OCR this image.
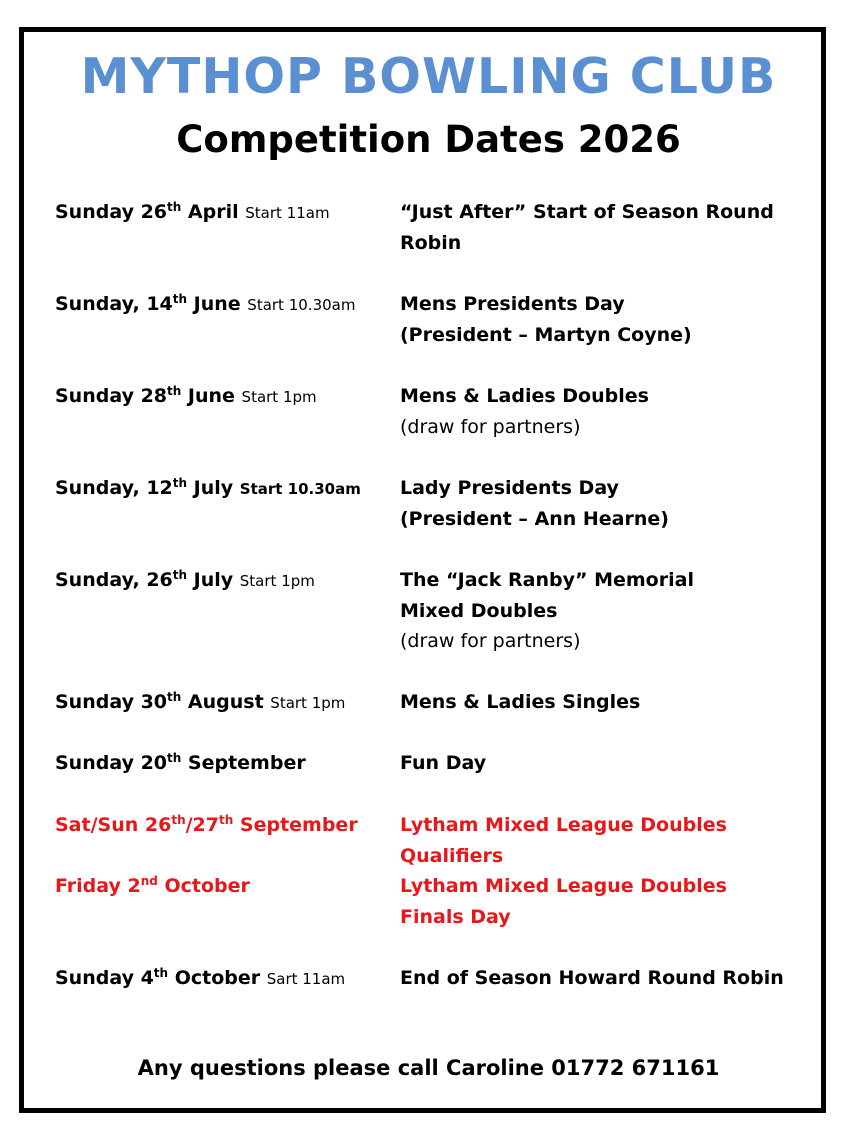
MYTHOP BOWLING CLUB
Competition Dates 2026
Sunday 26th April Start 11am	“Just After” Start of Season Round
Robin
Sunday, 14th June Start 10.30am	Mens Presidents Day
(President – Martyn Coyne)
Sunday 28th June Start 1pm	Mens & Ladies Doubles
(draw for partners)
Sunday, 12th July Start 10.30am	Lady Presidents Day
(President – Ann Hearne)
Sunday, 26th July Start 1pm	The “Jack Ranby” Memorial
Mixed Doubles
(draw for partners)
Sunday 30th August Start 1pm	Mens & Ladies Singles
Sunday 20th September	Fun Day
Sat/Sun 26th/27th September	Lytham Mixed League Doubles
Qualifiers
Friday 2nd October	Lytham Mixed League Doubles
Finals Day
Sunday 4th October Sart 11am	End of Season Howard Round Robin
Any questions please call Caroline 01772 671161
